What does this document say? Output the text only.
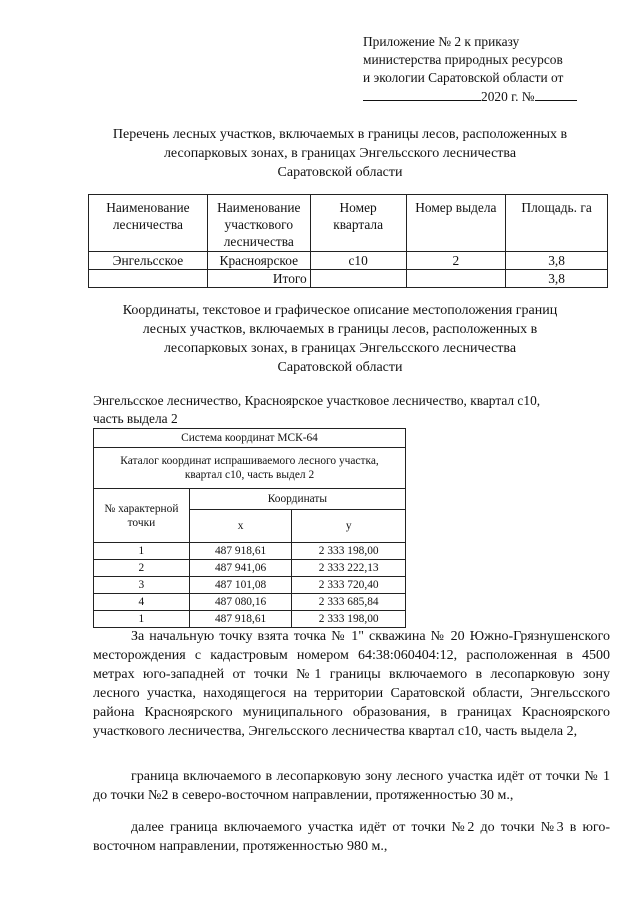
Приложение № 2 к приказу
министерства природных ресурсов
и экологии Саратовской области от
2020 г. №
Перечень лесных участков, включаемых в границы лесов, расположенных в
лесопарковых зонах, в границах Энгельсского лесничества
Саратовской области
Наименование лесничества	Наименование участкового лесничества	Номер квартала	Номер выдела	Площадь. га
Энгельсское	Красноярское	с10	2	3,8
	Итого			3,8
Координаты, текстовое и графическое описание местоположения границ
лесных участков, включаемых в границы лесов, расположенных в
лесопарковых зонах, в границах Энгельсского лесничества
Саратовской области
Энгельсское лесничество, Красноярское участковое лесничество, квартал с10,
часть выдела 2
Система координат МСК-64		
Каталог координат испрашиваемого лесного участка, квартал с10, часть выдел 2		
№ характерной точки	Координаты	
	х	у
1	487 918,61	2 333 198,00
2	487 941,06	2 333 222,13
3	487 101,08	2 333 720,40
4	487 080,16	2 333 685,84
1	487 918,61	2 333 198,00
За начальную точку взята точка № 1" скважина № 20 Южно-Грязнушенского месторождения с кадастровым номером 64:38:060404:12, расположенная в 4500 метрах юго-западней от точки №1 границы включаемого в лесопарковую зону лесного участка, находящегося на территории Саратовской области, Энгельсского района Красноярского муниципального образования, в границах Красноярского участкового лесничества, Энгельсского лесничества квартал с10, часть выдела 2,
граница включаемого в лесопарковую зону лесного участка идёт от точки № 1 до точки №2 в северо-восточном направлении, протяженностью 30 м.,
далее граница включаемого участка идёт от точки №2 до точки №3 в юго-восточном направлении, протяженностью 980 м.,
